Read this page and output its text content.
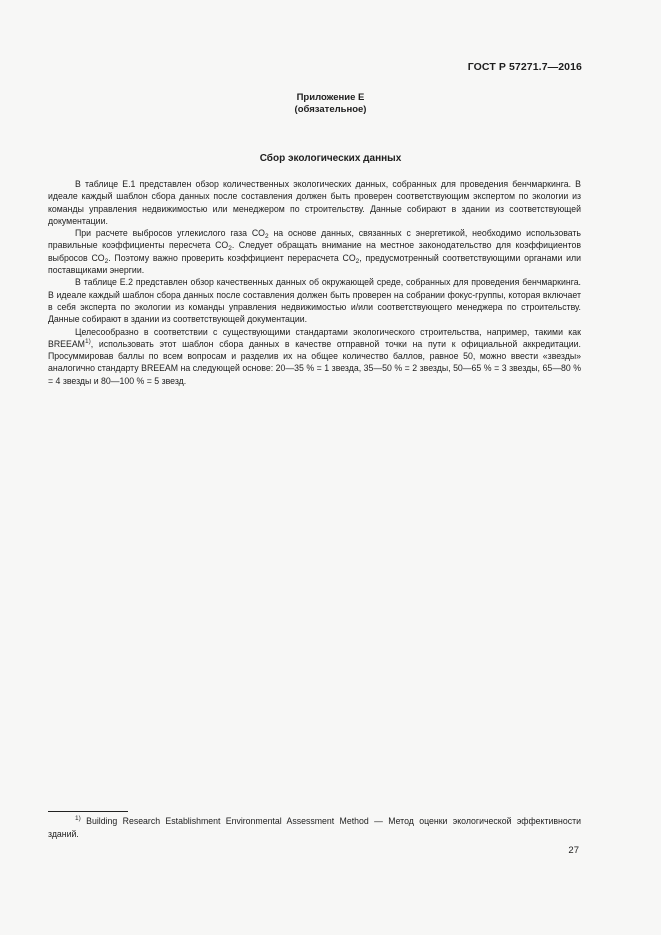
ГОСТ Р 57271.7—2016
Приложение Е
(обязательное)
Сбор экологических данных

В таблице Е.1 представлен обзор количественных экологических данных, собранных для проведения бенчмаркинга. В идеале каждый шаблон сбора данных после составления должен быть проверен соответствующим экспертом по экологии из команды управления недвижимостью или менеджером по строительству. Данные собирают в здании из соответствующей документации.

При расчете выбросов углекислого газа $CO_2$ на основе данных, связанных с энергетикой, необходимо использовать правильные коэффициенты пересчета $CO_2$. Следует обращать внимание на местное законодательство для коэффициентов выбросов $CO_2$. Поэтому важно проверить коэффициент перерасчета $CO_2$, предусмотренный соответствующими органами или поставщиками энергии.

В таблице Е.2 представлен обзор качественных данных об окружающей среде, собранных для проведения бенчмаркинга. В идеале каждый шаблон сбора данных после составления должен быть проверен на собрании фокус-группы, которая включает в себя эксперта по экологии из команды управления недвижимостью и/или соответствующего менеджера по строительству. Данные собирают в здании из соответствующей документации.

Целесообразно в соответствии с существующими стандартами экологического строительства, например, такими как BREEAM$^{1)}$, использовать этот шаблон сбора данных в качестве отправной точки на пути к официальной аккредитации. Просуммировав баллы по всем вопросам и разделив их на общее количество баллов, равное 50, можно ввести «звезды» аналогично стандарту BREEAM на следующей основе: 20—35 % = 1 звезда, 35—50 % = 2 звезды, 50—65 % = 3 звезды, 65—80 % = 4 звезды и 80—100 % = 5 звезд.

$^{1)}$ Building Research Establishment Environmental Assessment Method — Метод оценки экологической эффективности зданий.
27
